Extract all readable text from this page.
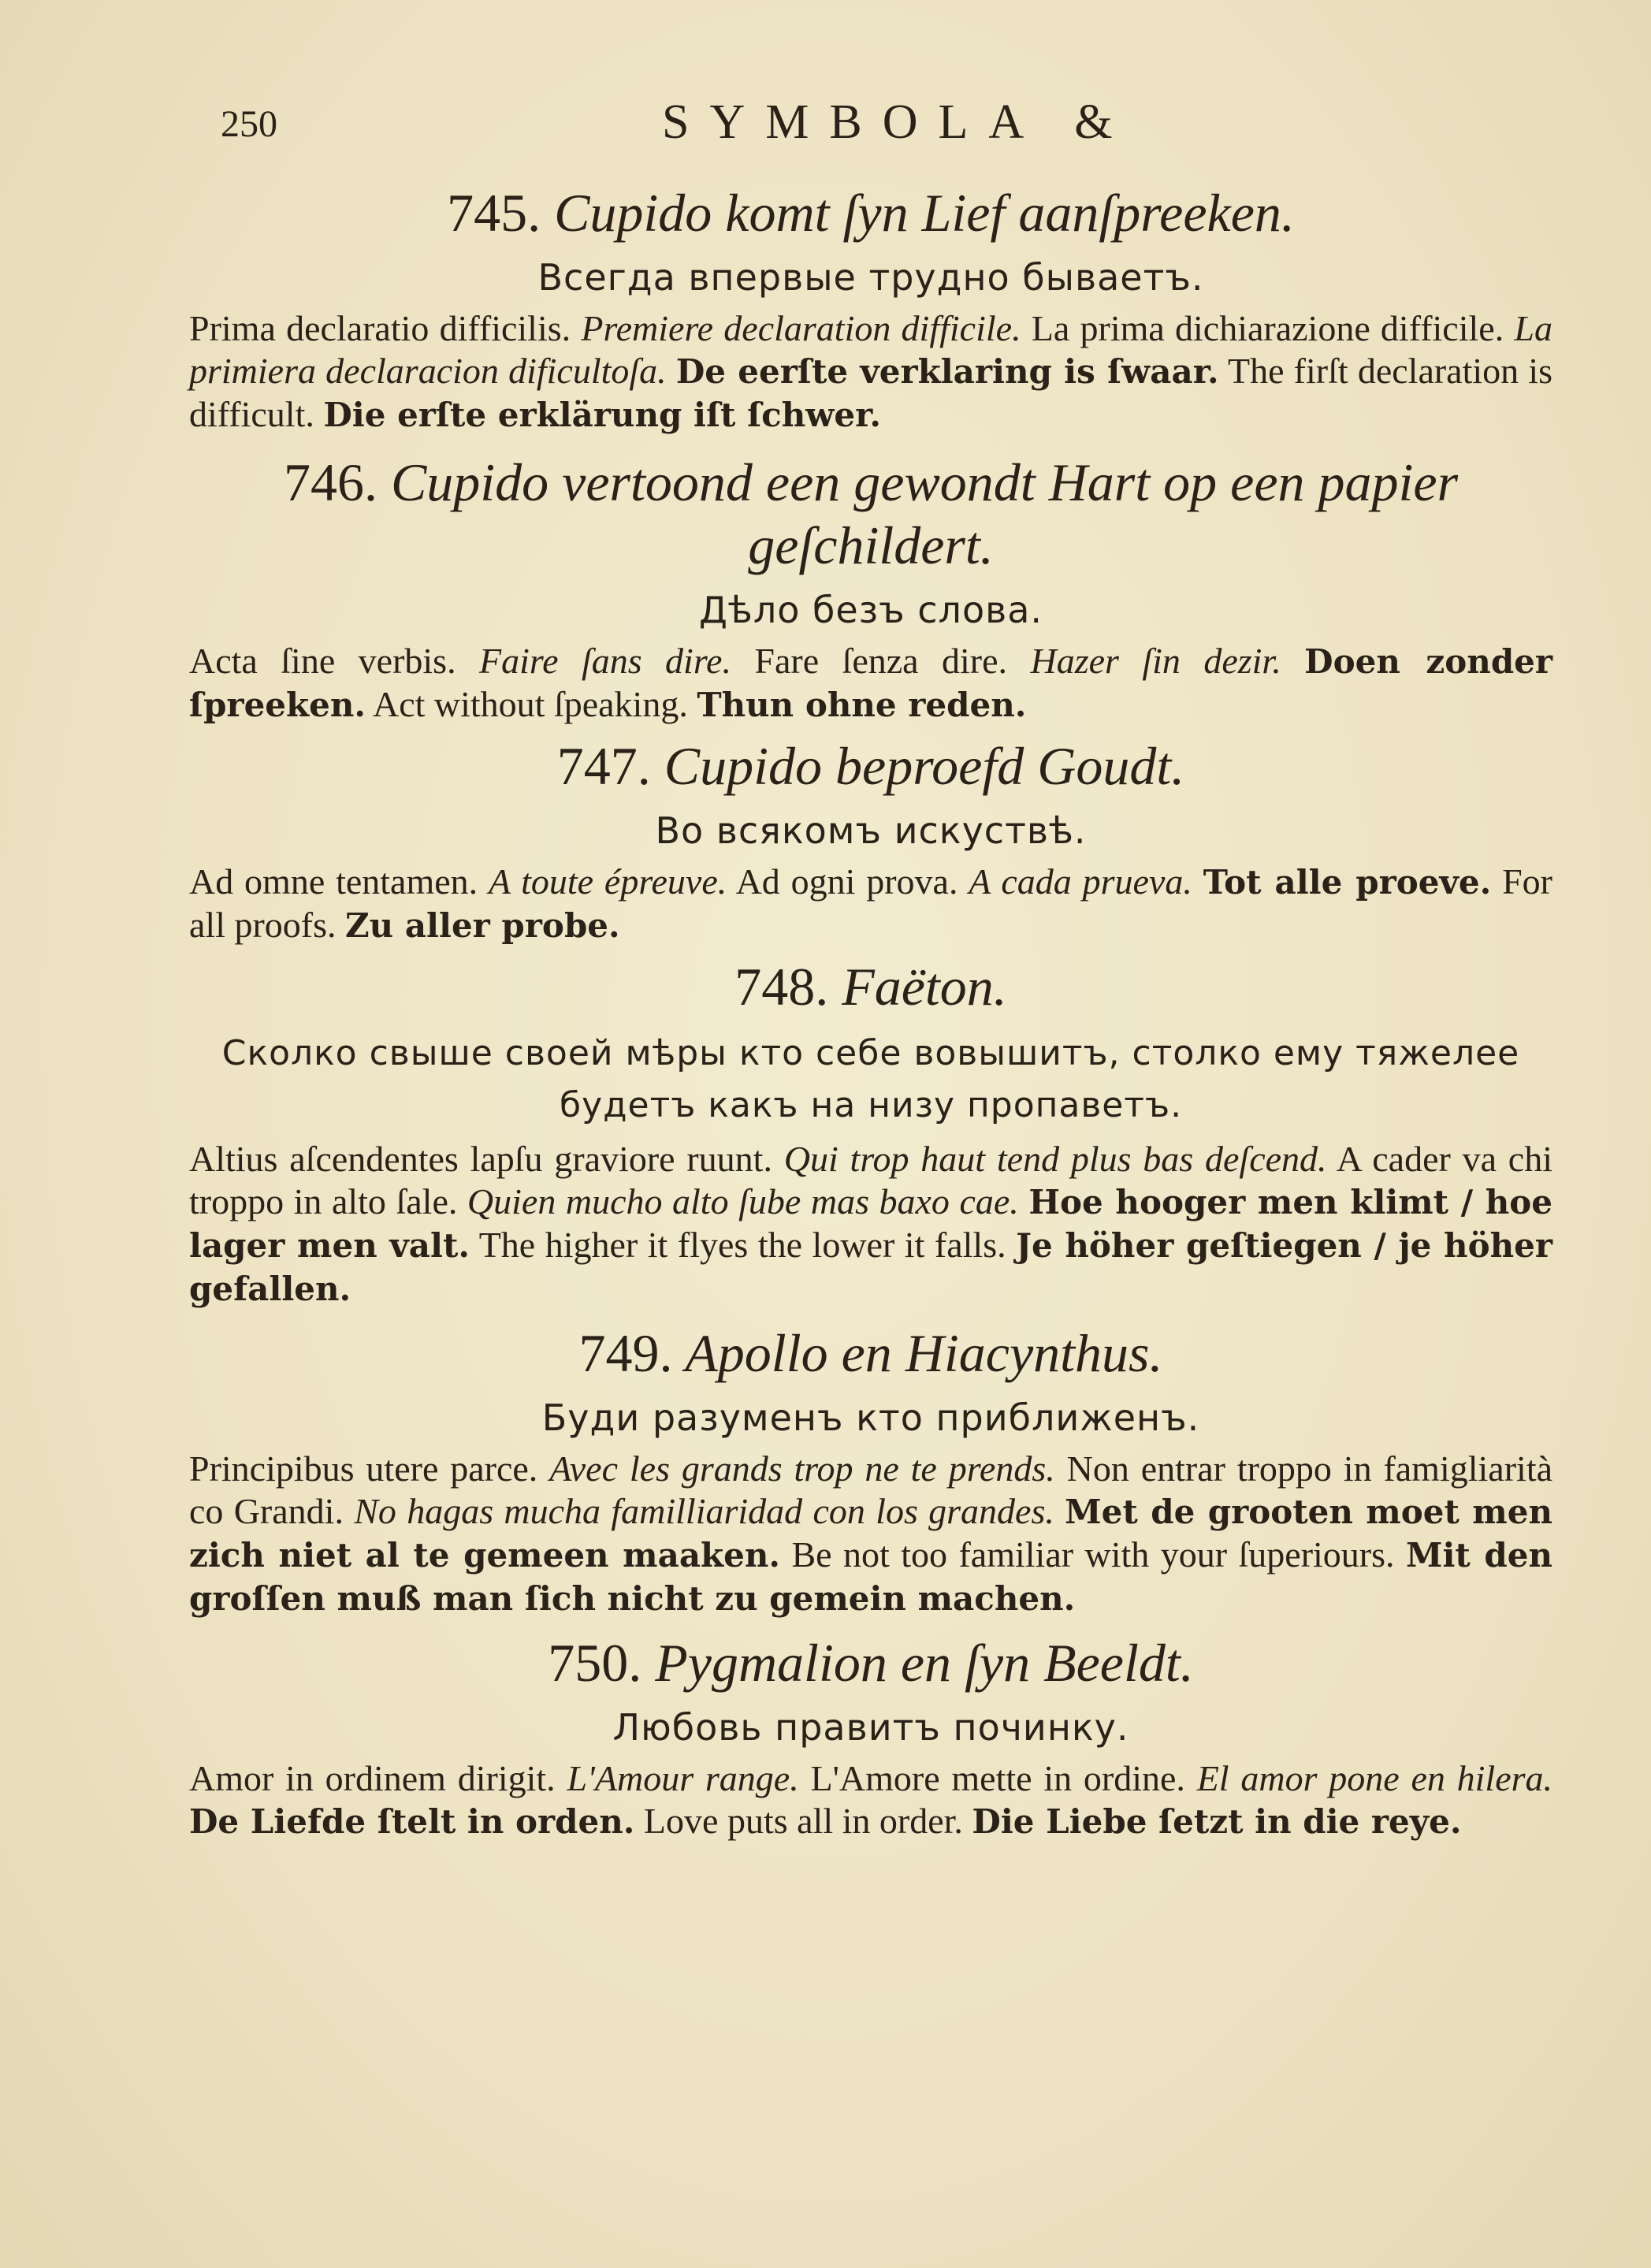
250	SYMBOLA &

745. Cupido komt ſyn Lief aanſpreeken.

Всегда впервые трудно бываетъ.

Prima declaratio difficilis. Premiere declaration difficile. La prima dichiarazione difficile. La primiera declaracion dificultoſa. De eerſte verklaring is ſwaar. The firſt declaration is difficult. Die erſte erklärung iſt ſchwer.

746. Cupido vertoond een gewondt Hart op een papier geſchildert.

Дѣло безъ слова.

Acta ſine verbis. Faire ſans dire. Fare ſenza dire. Hazer ſin dezir. Doen zonder ſpreeken. Act without ſpeaking. Thun ohne reden.

747. Cupido beproefd Goudt.

Во всякомъ искуствѣ.

Ad omne tentamen. A toute épreuve. Ad ogni prova. A cada prueva. Tot alle proeve. For all proofs. Zu aller probe.

748. Faëton.

Сколко свыше своей мѣры кто себе вовышитъ, столко ему тяжелее будетъ какъ на низу пропаветъ.

Altius aſcendentes lapſu graviore ruunt. Qui trop haut tend plus bas deſcend. A cader va chi troppo in alto ſale. Quien mucho alto ſube mas baxo cae. Hoe hooger men klimt / hoe lager men valt. The higher it flyes the lower it falls. Je höher geſtiegen / je höher gefallen.

749. Apollo en Hiacynthus.

Буди разуменъ кто приближенъ.

Principibus utere parce. Avec les grands trop ne te prends. Non entrar troppo in famigliarità co Grandi. No hagas mucha familliaridad con los grandes. Met de grooten moet men zich niet al te gemeen maaken. Be not too familiar with your ſuperiours. Mit den groſſen muß man ſich nicht zu gemein machen.

750. Pygmalion en ſyn Beeldt.

Любовь правитъ починку.

Amor in ordinem dirigit. L'Amour range. L'Amore mette in ordine. El amor pone en hilera. De Liefde ſtelt in orden. Love puts all in order. Die Liebe ſetzt in die reye.
